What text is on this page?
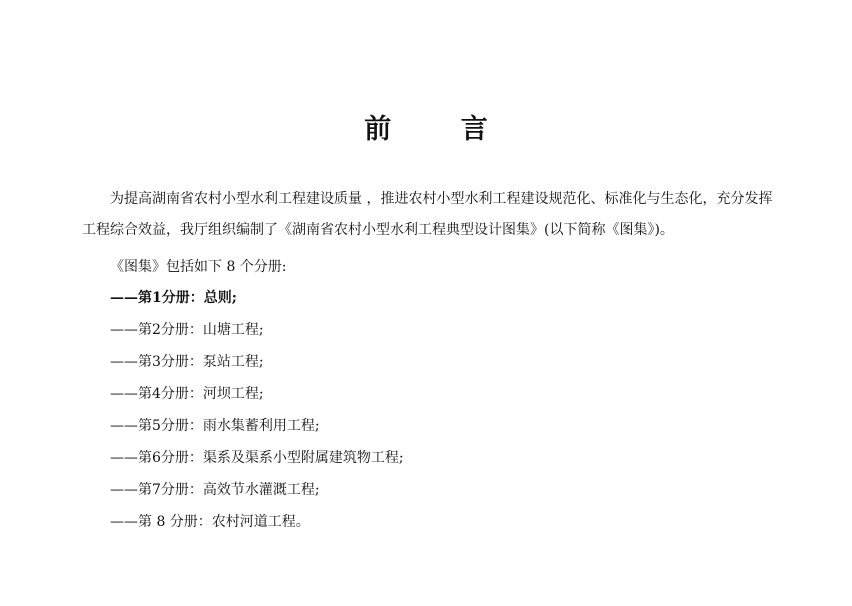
前 言

为提高湖南省农村小型水利工程建设质量 ，推进农村小型水利工程建设规范化、标准化与生态化，充分发挥工程综合效益，我厅组织编制了《湖南省农村小型水利工程典型设计图集》(以下简称《图集》)。

《图集》包括如下 8 个分册:
——第1分册：总则;
——第2分册：山塘工程;
——第3分册：泵站工程;
——第4分册：河坝工程;
——第5分册：雨水集蓄利用工程;
——第6分册：渠系及渠系小型附属建筑物工程;
——第7分册：高效节水灌溉工程;
——第 8 分册：农村河道工程。
